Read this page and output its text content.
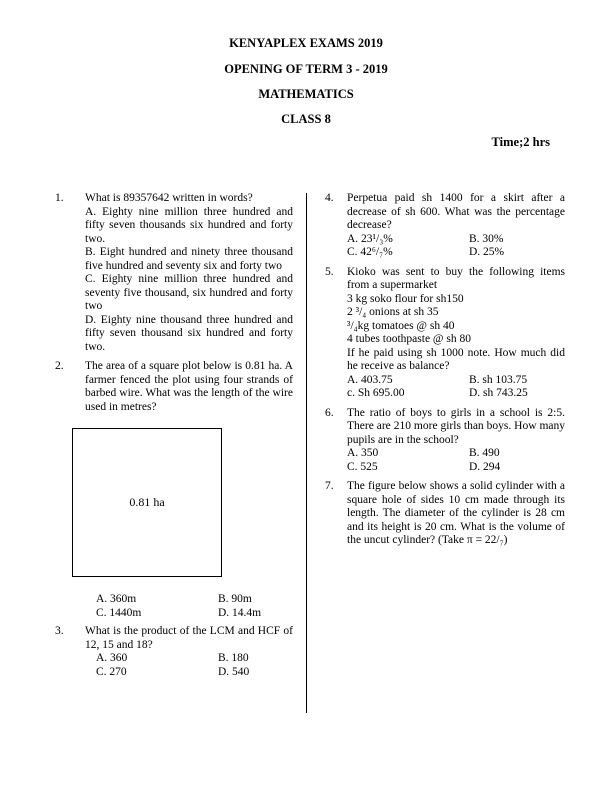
KENYAPLEX EXAMS 2019
OPENING OF TERM 3 - 2019
MATHEMATICS
CLASS 8
Time;2 hrs
1.	What is 89357642 written in words?

A. Eighty nine million three hundred and fifty seven thousands six hundred and forty two.

B. Eight hundred and ninety three thousand five hundred and seventy six and forty two

C. Eighty nine million three hundred and seventy five thousand, six hundred and forty two

D. Eighty nine thousand three hundred and fifty seven thousand six hundred and forty two.

2.	The area of a square plot below is 0.81 ha. A farmer fenced the plot using four strands of barbed wire. What was the length of the wire used in metres?

0.81 ha
A. 360m	B. 90m
C. 1440m	D. 14.4m
3.	What is the product of the LCM and HCF of 12, 15 and 18?

A. 360	B. 180
C. 270	D. 540
4.	Perpetua paid sh 1400 for a skirt after a decrease of sh 600. What was the percentage decrease?

A. 23¹/₃%	B. 30%
C. 42⁶/₇%	D. 25%
5.	Kioko was sent to buy the following items from a supermarket

3 kg soko flour for sh150

2 ³/₄ onions at sh 35

³/₄kg tomatoes @ sh 40

4 tubes toothpaste @ sh 80

If he paid using sh 1000 note. How much did he receive as balance?

A. 403.75	B. sh 103.75
c. Sh 695.00	D. sh 743.25
6.	The ratio of boys to girls in a school is 2:5. There are 210 more girls than boys. How many pupils are in the school?

A. 350	B. 490
C. 525	D. 294
7.	The figure below shows a solid cylinder with a square hole of sides 10 cm made through its length. The diameter of the cylinder is 28 cm and its height is 20 cm. What is the volume of the uncut cylinder? (Take π = 22/₇)
